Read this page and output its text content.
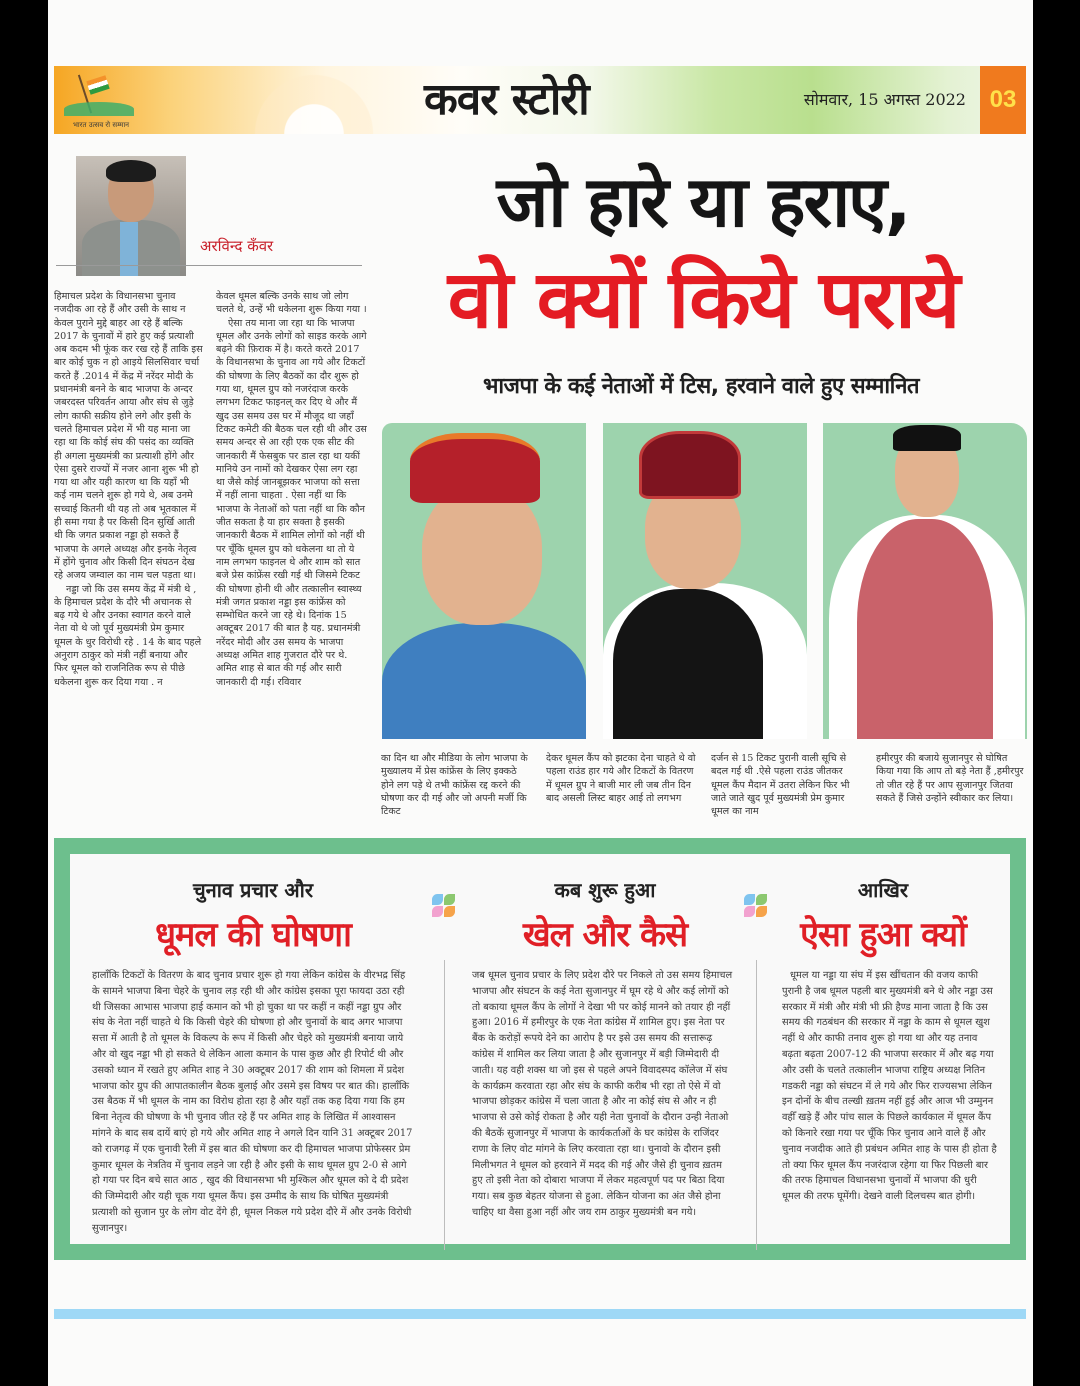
भारत उत्सव रो सम्मान	कवर स्टोरी	सोमवार, 15 अगस्त 2022 03
अरविन्द कँवर
जो हारे या हराए,
वो क्यों किये पराये
भाजपा के कई नेताओं में टिस, हरवाने वाले हुए सम्मानित

हिमाचल प्रदेश के विधानसभा चुनाव नजदीक आ रहे हैं और उसी के साथ न केवल पुराने मुद्दे बाहर आ रहे हैं बल्कि 2017 के चुनावों में हारे हुए कई प्रत्याशी अब कदम भी फूंक कर रख रहे हैं ताकि इस बार कोई चुक न हो आइये सिलसिवार चर्चा करते हैं .2014 में केंद्र में नरेंदर मोदी के प्रधानमंत्री बनने के बाद भाजपा के अन्दर जबरदस्त परिवर्तन आया और संघ से जुड़े लोग काफी सक्रीय होने लगे और इसी के चलते हिमाचल प्रदेश में भी यह माना जा रहा था कि कोई संघ की पसंद का व्यक्ति ही अगला मुख्यमंत्री का प्रत्याशी होंगे और ऐसा दुसरे राज्यों में नजर आना शुरू भी हो गया था और यही कारण था कि यहाँ भी कई नाम चलने शुरू हो गये थे, अब उनमे सच्चाई कितनी थी यह तो अब भूतकाल में ही समा गया है पर किसी दिन सुर्खि आती थी कि जगत प्रकाश नड्डा हो सकते हैं भाजपा के अगले अध्यक्ष और इनके नेतृत्व में होंगे चुनाव और किसी दिन संघठन देख रहे अजय जम्वाल का नाम चल पड़ता था।

नड्डा जो कि उस समय केंद्र में मंत्री थे , के हिमाचल प्रदेश के दौरे भी अचानक से बढ़ गये थे और उनका स्वागत करने वाले नेता वो थे जो पूर्व मुख्यमंत्री प्रेम कुमार धूमल के धुर विरोधी रहे . 14 के बाद पहले अनुराग ठाकुर को मंत्री नहीं बनाया और फिर धूमल को राजनितिक रूप से पीछे धकेलना शुरू कर दिया गया . न

केवल धूमल बल्कि उनके साथ जो लोग चलते थे, उन्हें भी धकेलना शुरू किया गया ।

ऐसा तय माना जा रहा था कि भाजपा धूमल और उनके लोगों को साइड करके आगे बढ़ने की फ़िराक में है। करते करते 2017 के विधानसभा के चुनाव आ गये और टिकटों की घोषणा के लिए बैठकों का दौर शुरू हो गया था, धूमल ग्रुप को नजरंदाज करके लगभग टिकट फाइनल् कर दिए थे और मैं खुद उस समय उस घर में मौजूद था जहाँ टिकट कमेटी की बैठक चल रही थी और उस समय अन्दर से आ रही एक एक सीट की जानकारी मैं फेसबुक पर डाल रहा था यकीं मानिये उन नामों को देखकर ऐसा लग रहा था जैसे कोई जानबूझकर भाजपा को सत्ता में नहीं लाना चाहता . ऐसा नहीं था कि भाजपा के नेताओं को पता नहीं था कि कौन जीत सकता है या हार सक्ता है इसकी जानकारी बैठक में शामिल लोगों को नहीं थी पर चूँकि धूमल ग्रुप को धकेलना था तो ये नाम लगभग फाइनल थे और शाम को सात बजे प्रेस कांफ्रेंस रखी गई थी जिसमे टिकट की घोषणा होनी थी और तत्कालीन स्वास्थ्य मंत्री जगत प्रकाश नड्डा इस कांफ्रेंस को सम्भोधित करने जा रहे थे। दिनांक 15 अक्टूबर 2017 की बात है यह. प्रधानमंत्री नरेंदर मोदी और उस समय के भाजपा अध्यक्ष अमित शाह गुजरात दौरे पर थे. अमित शाह से बात की गई और सारी जानकारी दी गई। रविवार

का दिन था और मीडिया के लोग भाजपा के मुख्यालय में प्रेस कांफ्रेंस के लिए इक्कठे होने लग पड़े थे तभी कांफ्रेंस रद्द करने की घोषणा कर दी गई और जो अपनी मर्जी कि टिकट

देकर धूमल कैंप को झटका देना चाहते थे वो पहला राउंड हार गये और टिकटों के वितरण में धूमल ग्रुप ने बाजी मार ली जब तीन दिन बाद असली लिस्ट बाहर आई तो लगभग

दर्जन से 15 टिकट पुरानी वाली सूचि से बदल गई थी .ऐसे पहला राउंड जीतकर धूमल कैंप मैदान में उतरा लेकिन फिर भी जाते जाते खुद पूर्व मुख्यमंत्री प्रेम कुमार धूमल का नाम

हमीरपुर की बजाये सुजानपुर से घोषित किया गया कि आप तो बड़े नेता हैं ,हमीरपुर तो जीत रहे हैं पर आप सुजानपुर जितवा सकते हैं जिसे उन्होंने स्वीकार कर लिया।

चुनाव प्रचार और
धूमल की घोषणा

हालाँकि टिकटों के वितरण के बाद चुनाव प्रचार शुरू हो गया लेकिन कांग्रेस के वीरभद्र सिंह के सामने भाजपा बिना चेहरे के चुनाव लड़ रही थी और कांग्रेस इसका पूरा फायदा उठा रही थी जिसका आभास भाजपा हाई कमान को भी हो चुका था पर कहीं न कहीं नड्डा ग्रुप और संघ के नेता नहीं चाहते थे कि किसी चेहरे की घोषणा हो और चुनावों के बाद अगर भाजपा सत्ता में आती है तो धूमल के विकल्प के रूप में किसी और चेहरे को मुख्यमंत्री बनाया जाये और वो खुद नड्डा भी हो सकते थे लेकिन आला कमान के पास कुछ और ही रिपोर्ट थी और उसको ध्यान में रखते हुए अमित शाह ने 30 अक्टूबर 2017 की शाम को शिमला में प्रदेश भाजपा कोर ग्रुप की आपातकालीन बैठक बुलाई और उसमे इस विषय पर बात की। हालाँकि उस बैठक में भी धूमल के नाम का विरोध होता रहा है और यहाँ तक कह दिया गया कि हम बिना नेतृत्व की घोषणा के भी चुनाव जीत रहे हैं पर अमित शाह के लिखित में आश्वासन मांगने के बाद सब दायें बाएं हो गये और अमित शाह ने अगले दिन यानि 31 अक्टूबर 2017 को राजगढ़ में एक चुनावी रैली में इस बात की घोषणा कर दी हिमाचल भाजपा प्रोफेस्सर प्रेम कुमार धूमल के नेत्रतिव में चुनाव लड़ने जा रही है और इसी के साथ धूमल ग्रुप 2-0 से आगे हो गया पर दिन बचे सात आठ , खुद की विधानसभा भी मुश्किल और धूमल को दे दी प्रदेश की जिम्मेदारी और यही चूक गया धूमल कैंप। इस उम्मीद के साथ कि घोषित मुख्यमंत्री प्रत्याशी को सुजान पुर के लोग वोट देंगे ही, धूमल निकल गये प्रदेश दौरे में और उनके विरोधी सुजानपुर।

कब शुरू हुआ
खेल और कैसे

जब धूमल चुनाव प्रचार के लिए प्रदेश दौरे पर निकले तो उस समय हिमाचल भाजपा और संघटन के कई नेता सुजानपुर में घूम रहे थे और कई लोगों को तो बकाया धूमल कैंप के लोगों ने देखा भी पर कोई मानने को तयार ही नहीं हुआ। 2016 में हमीरपुर के एक नेता कांग्रेस में शामिल हुए। इस नेता पर बैंक के करोड़ों रूपये देने का आरोप है पर इसे उस समय की सत्तारूढ़ कांग्रेस में शामिल कर लिया जाता है और सुजानपुर में बड़ी जिम्मेदारी दी जाती। यह वही शक्स था जो इस से पहले अपने विवादस्पद कॉलेज में संघ के कार्यक्रम करवाता रहा और संघ के काफी करीब भी रहा तो ऐसे में वो भाजपा छोड़कर कांग्रेस में चला जाता है और ना कोई संघ से और न ही भाजपा से उसे कोई रोकता है और यही नेता चुनावों के दौरान उन्ही नेताओ की बैठकें सुजानपुर में भाजपा के कार्यकर्ताओं के घर कांग्रेस के राजिंदर राणा के लिए वोट मांगने के लिए करवाता रहा था। चुनावो के दौरान इसी मिलीभगत ने धूमल को हरवाने में मदद की गई और जैसे ही चुनाव ख़तम हुए तो इसी नेता को दोबारा भाजपा में लेकर महत्वपूर्ण पद पर बिठा दिया गया। सब कुछ बेहतर योजना से हुआ. लेकिन योजना का अंत जैसे होना चाहिए था वैसा हुआ नहीं और जय राम ठाकुर मुख्यमंत्री बन गये।

आखिर
ऐसा हुआ क्यों

धूमल या नड्डा या संघ में इस खींचतान की वजय काफी पुरानी है जब धूमल पहली बार मुख्यमंत्री बने थे और नड्डा उस सरकार में मंत्री और मंत्री भी फ्री हैण्ड माना जाता है कि उस समय की गठबंधन की सरकार में नड्डा के काम से धूमल खुश नहीं थे और काफी तनाव शुरू हो गया था और यह तनाव बढ़ता बढ़ता 2007-12 की भाजपा सरकार में और बढ़ गया और उसी के चलते तत्कालीन भाजपा राष्ट्रिय अध्यक्ष नितिन गडकरी नड्डा को संघटन में ले गये और फिर राज्यसभा लेकिन इन दोनों के बीच तल्खी ख़तम नहीं हुई और आज भी उम्मुनन वहीँ खड़े हैं और पांच साल के पिछले कार्यकाल में धूमल कैंप को किनारे रखा गया पर चूँकि फिर चुनाव आने वाले हैं और चुनाव नजदीक आते ही प्रबंधन अमित शाह के पास ही होता है तो क्या फिर धूमल कैंप नजरंदाज रहेगा या फिर पिछली बार की तरफ हिमाचल विधानसभा चुनावों में भाजपा की धुरी धूमल की तरफ घूमेंगी। देखने वाली दिलचस्प बात होगी।
